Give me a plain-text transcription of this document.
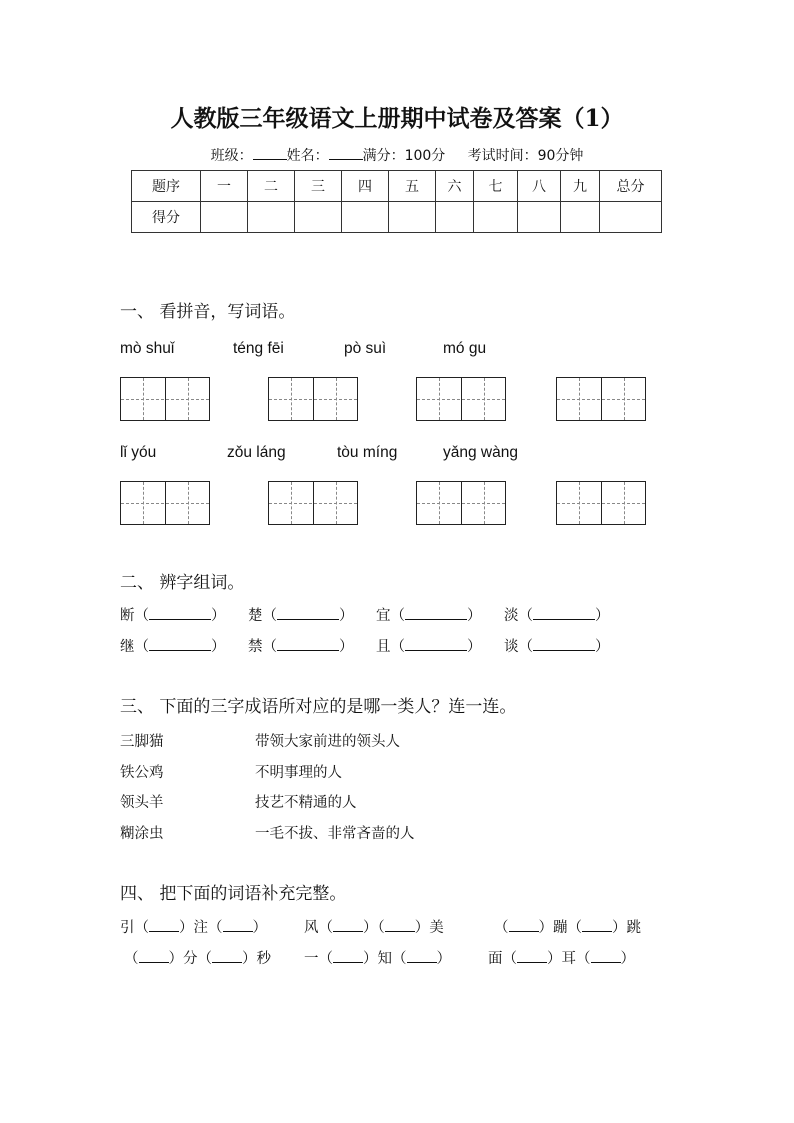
人教版三年级语文上册期中试卷及答案（1）
班级： 姓名： 满分：100分 考试时间：90分钟
题序	一	二	三	四	五	六	七	八	九	总分
得分										
一、 看拼音，写词语。
mò shuǐ	téng fēi	pò suì	mó gu
lǐ yóu	zǒu láng	tòu míng	yǎng wàng
二、 辨字组词。
断（	） 楚（	） 宜（	） 淡（	）
继（	） 禁（	） 且（	） 谈（	）
三、 下面的三字成语所对应的是哪一类人？连一连。
三脚猫	带领大家前进的领头人
铁公鸡	不明事理的人
领头羊	技艺不精通的人
糊涂虫	一毛不拔、非常吝啬的人
四、 把下面的词语补充完整。
引（ ）注（ ）	风（ ）（ ）美	（ ）蹦（ ）跳
（ ）分（ ）秒 一（ ）知（ ）	面（ ）耳（ ）
